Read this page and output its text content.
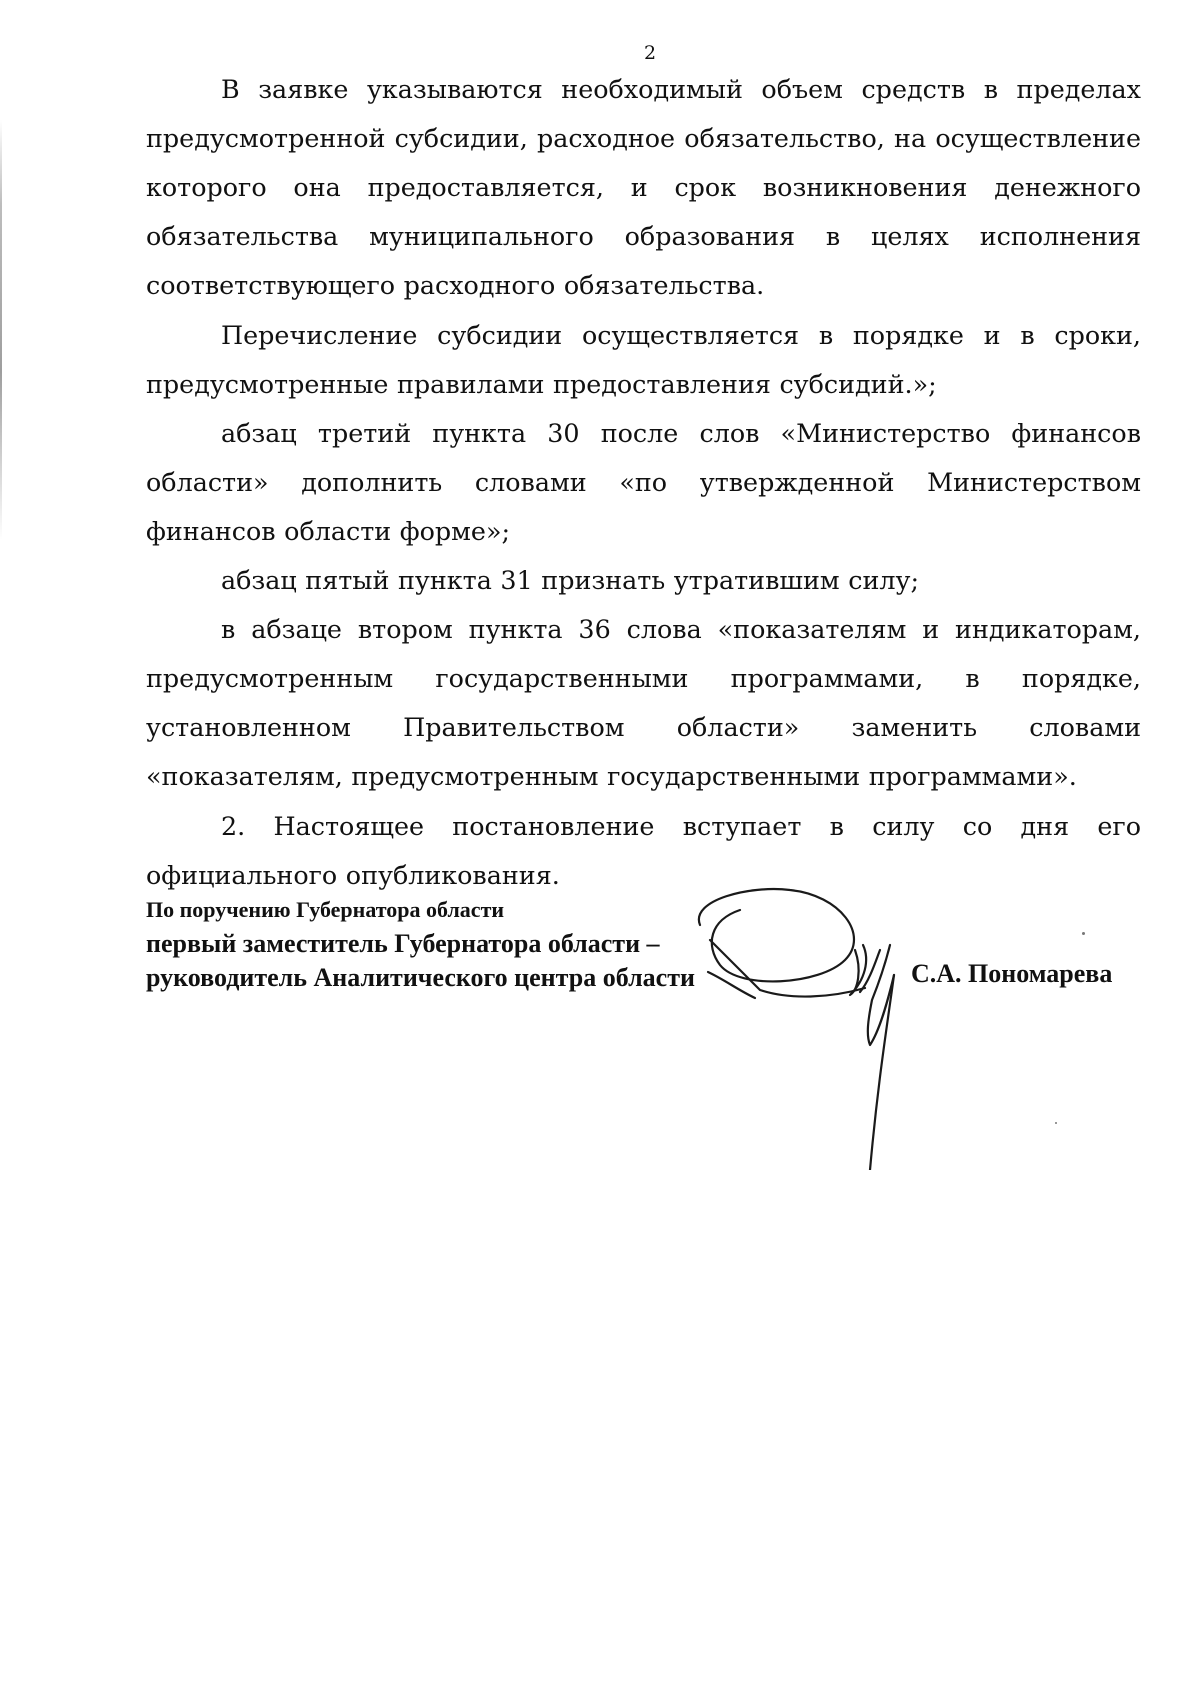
2

В заявке указываются необходимый объем средств в пределах предусмотренной субсидии, расходное обязательство, на осуществление которого она предоставляется, и срок возникновения денежного обязательства муниципального образования в целях исполнения соответствующего расходного обязательства.

Перечисление субсидии осуществляется в порядке и в сроки, предусмотренные правилами предоставления субсидий.»;

абзац третий пункта 30 после слов «Министерство финансов области» дополнить словами «по утвержденной Министерством финансов области форме»;

абзац пятый пункта 31 признать утратившим силу;

в абзаце втором пункта 36 слова «показателям и индикаторам, предусмотренным государственными программами, в порядке, установленном Правительством области» заменить словами «показателям, предусмотренным государственными программами».

2. Настоящее постановление вступает в силу со дня его официального опубликования.

По поручению Губернатора области
первый заместитель Губернатора области –
руководитель Аналитического центра области	С.А. Пономарева
